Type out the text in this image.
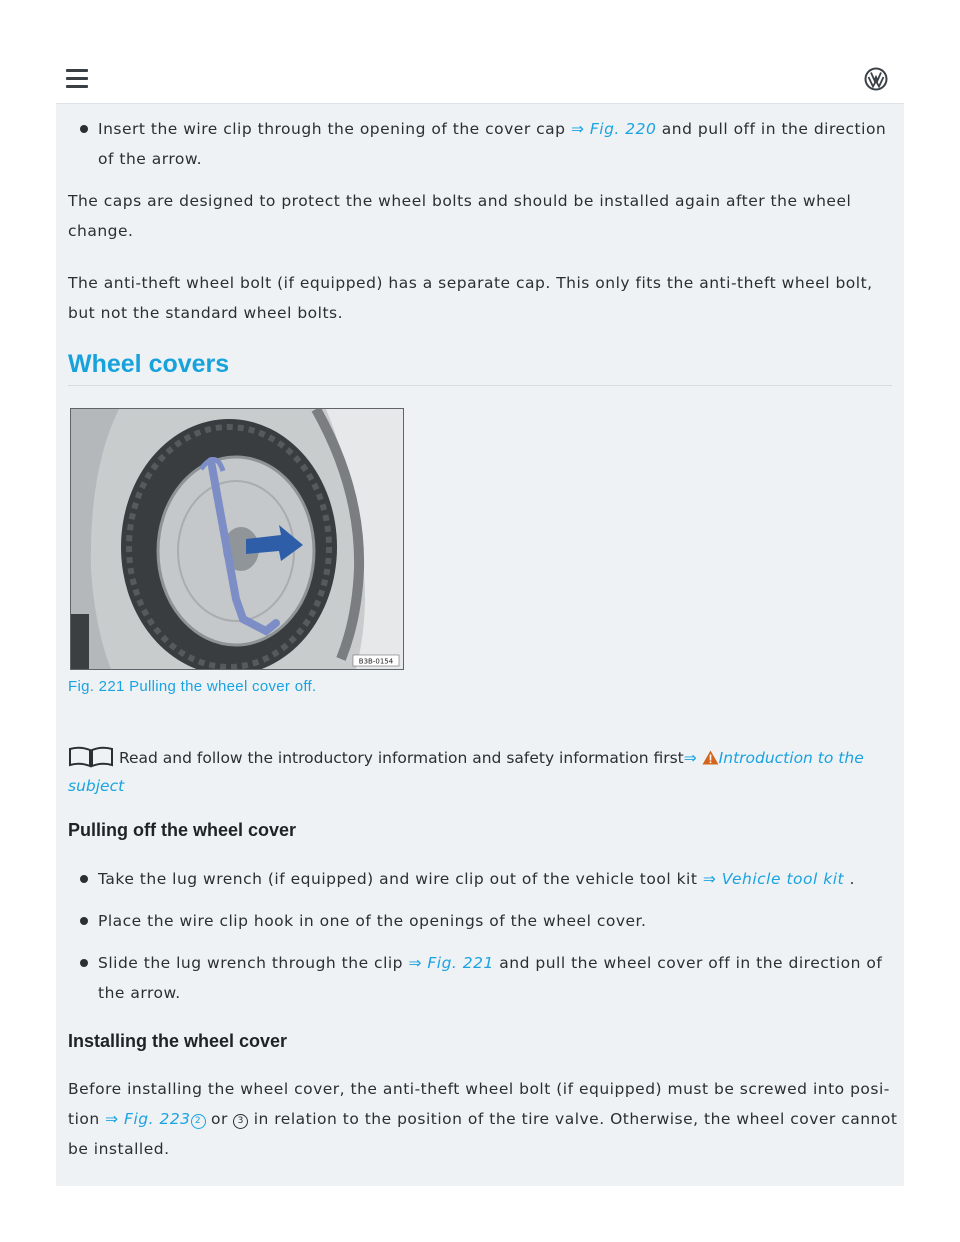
Insert the wire clip through the opening of the cover cap ⇒ Fig. 220 and pull off in the direction of the arrow.
The caps are designed to protect the wheel bolts and should be installed again after the wheel change.
The anti-theft wheel bolt (if equipped) has a separate cap. This only fits the anti-theft wheel bolt, but not the standard wheel bolts.
Wheel covers
B3B-0154
Fig. 221 Pulling the wheel cover off.
Read and follow the introductory information and safety information first⇒ Introduction to the subject
Pulling off the wheel cover
Take the lug wrench (if equipped) and wire clip out of the vehicle tool kit ⇒ Vehicle tool kit .
Place the wire clip hook in one of the openings of the wheel cover.
Slide the lug wrench through the clip ⇒ Fig. 221 and pull the wheel cover off in the direction of the arrow.
Installing the wheel cover
Before installing the wheel cover, the anti-theft wheel bolt (if equipped) must be screwed into posi-tion ⇒ Fig. 223 2 or 3 in relation to the position of the tire valve. Otherwise, the wheel cover cannot be installed.
